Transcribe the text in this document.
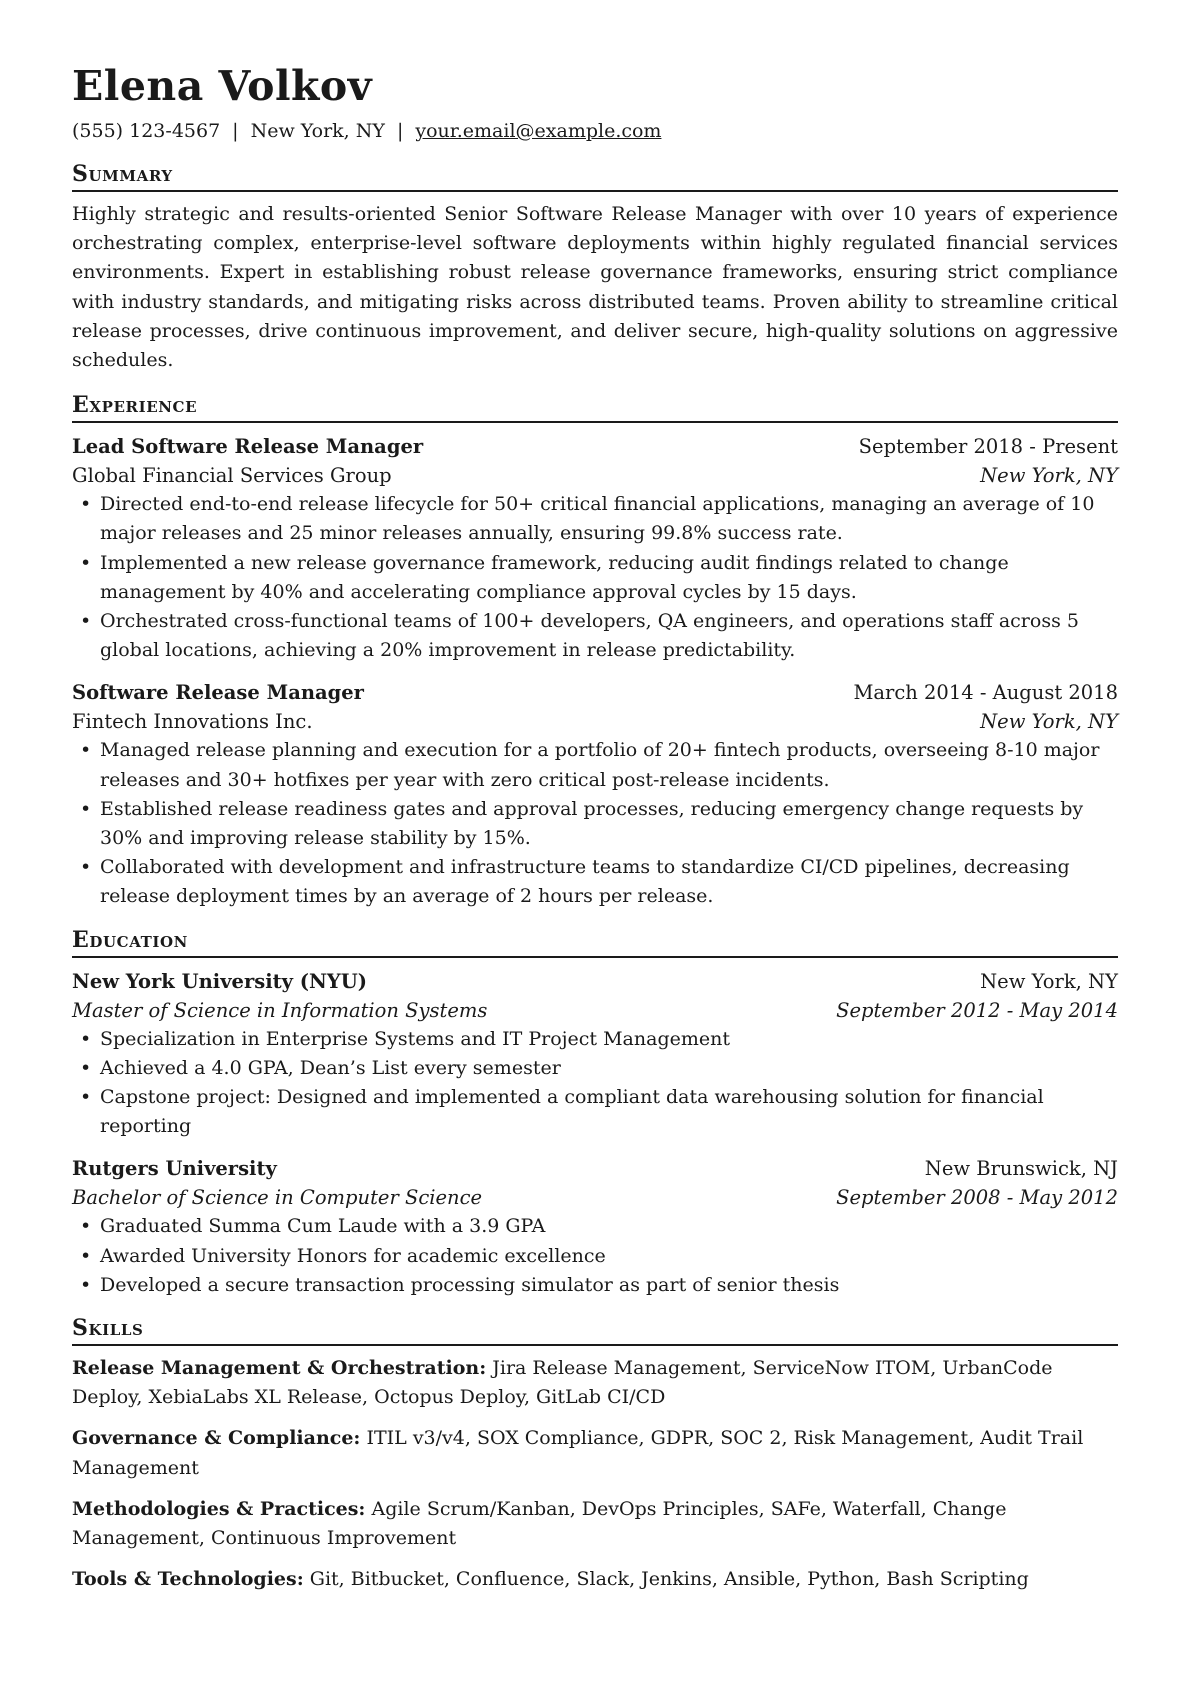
Elena Volkov
(555) 123-4567 | New York, NY | your.email@example.com
Summary
Highly strategic and results-oriented Senior Software Release Manager with over 10 years of experience orchestrating complex, enterprise-level software deployments within highly regulated financial services environments. Expert in establishing robust release governance frameworks, ensuring strict compliance with industry standards, and mitigating risks across distributed teams. Proven ability to streamline critical release processes, drive continuous improvement, and deliver secure, high-quality solutions on aggressive schedules.
Experience
Lead Software Release Manager	September 2018 - Present
Global Financial Services Group	New York, NY
• Directed end-to-end release lifecycle for 50+ critical financial applications, managing an average of 10 major releases and 25 minor releases annually, ensuring 99.8% success rate.
• Implemented a new release governance framework, reducing audit findings related to change management by 40% and accelerating compliance approval cycles by 15 days.
• Orchestrated cross-functional teams of 100+ developers, QA engineers, and operations staff across 5 global locations, achieving a 20% improvement in release predictability.
Software Release Manager	March 2014 - August 2018
Fintech Innovations Inc.	New York, NY
• Managed release planning and execution for a portfolio of 20+ fintech products, overseeing 8-10 major releases and 30+ hotfixes per year with zero critical post-release incidents.
• Established release readiness gates and approval processes, reducing emergency change requests by 30% and improving release stability by 15%.
• Collaborated with development and infrastructure teams to standardize CI/CD pipelines, decreasing release deployment times by an average of 2 hours per release.
Education
New York University (NYU)	New York, NY
Master of Science in Information Systems	September 2012 - May 2014
• Specialization in Enterprise Systems and IT Project Management
• Achieved a 4.0 GPA, Dean’s List every semester
• Capstone project: Designed and implemented a compliant data warehousing solution for financial reporting
Rutgers University	New Brunswick, NJ
Bachelor of Science in Computer Science	September 2008 - May 2012
• Graduated Summa Cum Laude with a 3.9 GPA
• Awarded University Honors for academic excellence
• Developed a secure transaction processing simulator as part of senior thesis
Skills
Release Management & Orchestration: Jira Release Management, ServiceNow ITOM, UrbanCode Deploy, XebiaLabs XL Release, Octopus Deploy, GitLab CI/CD
Governance & Compliance: ITIL v3/v4, SOX Compliance, GDPR, SOC 2, Risk Management, Audit Trail Management
Methodologies & Practices: Agile Scrum/Kanban, DevOps Principles, SAFe, Waterfall, Change Management, Continuous Improvement
Tools & Technologies: Git, Bitbucket, Confluence, Slack, Jenkins, Ansible, Python, Bash Scripting
